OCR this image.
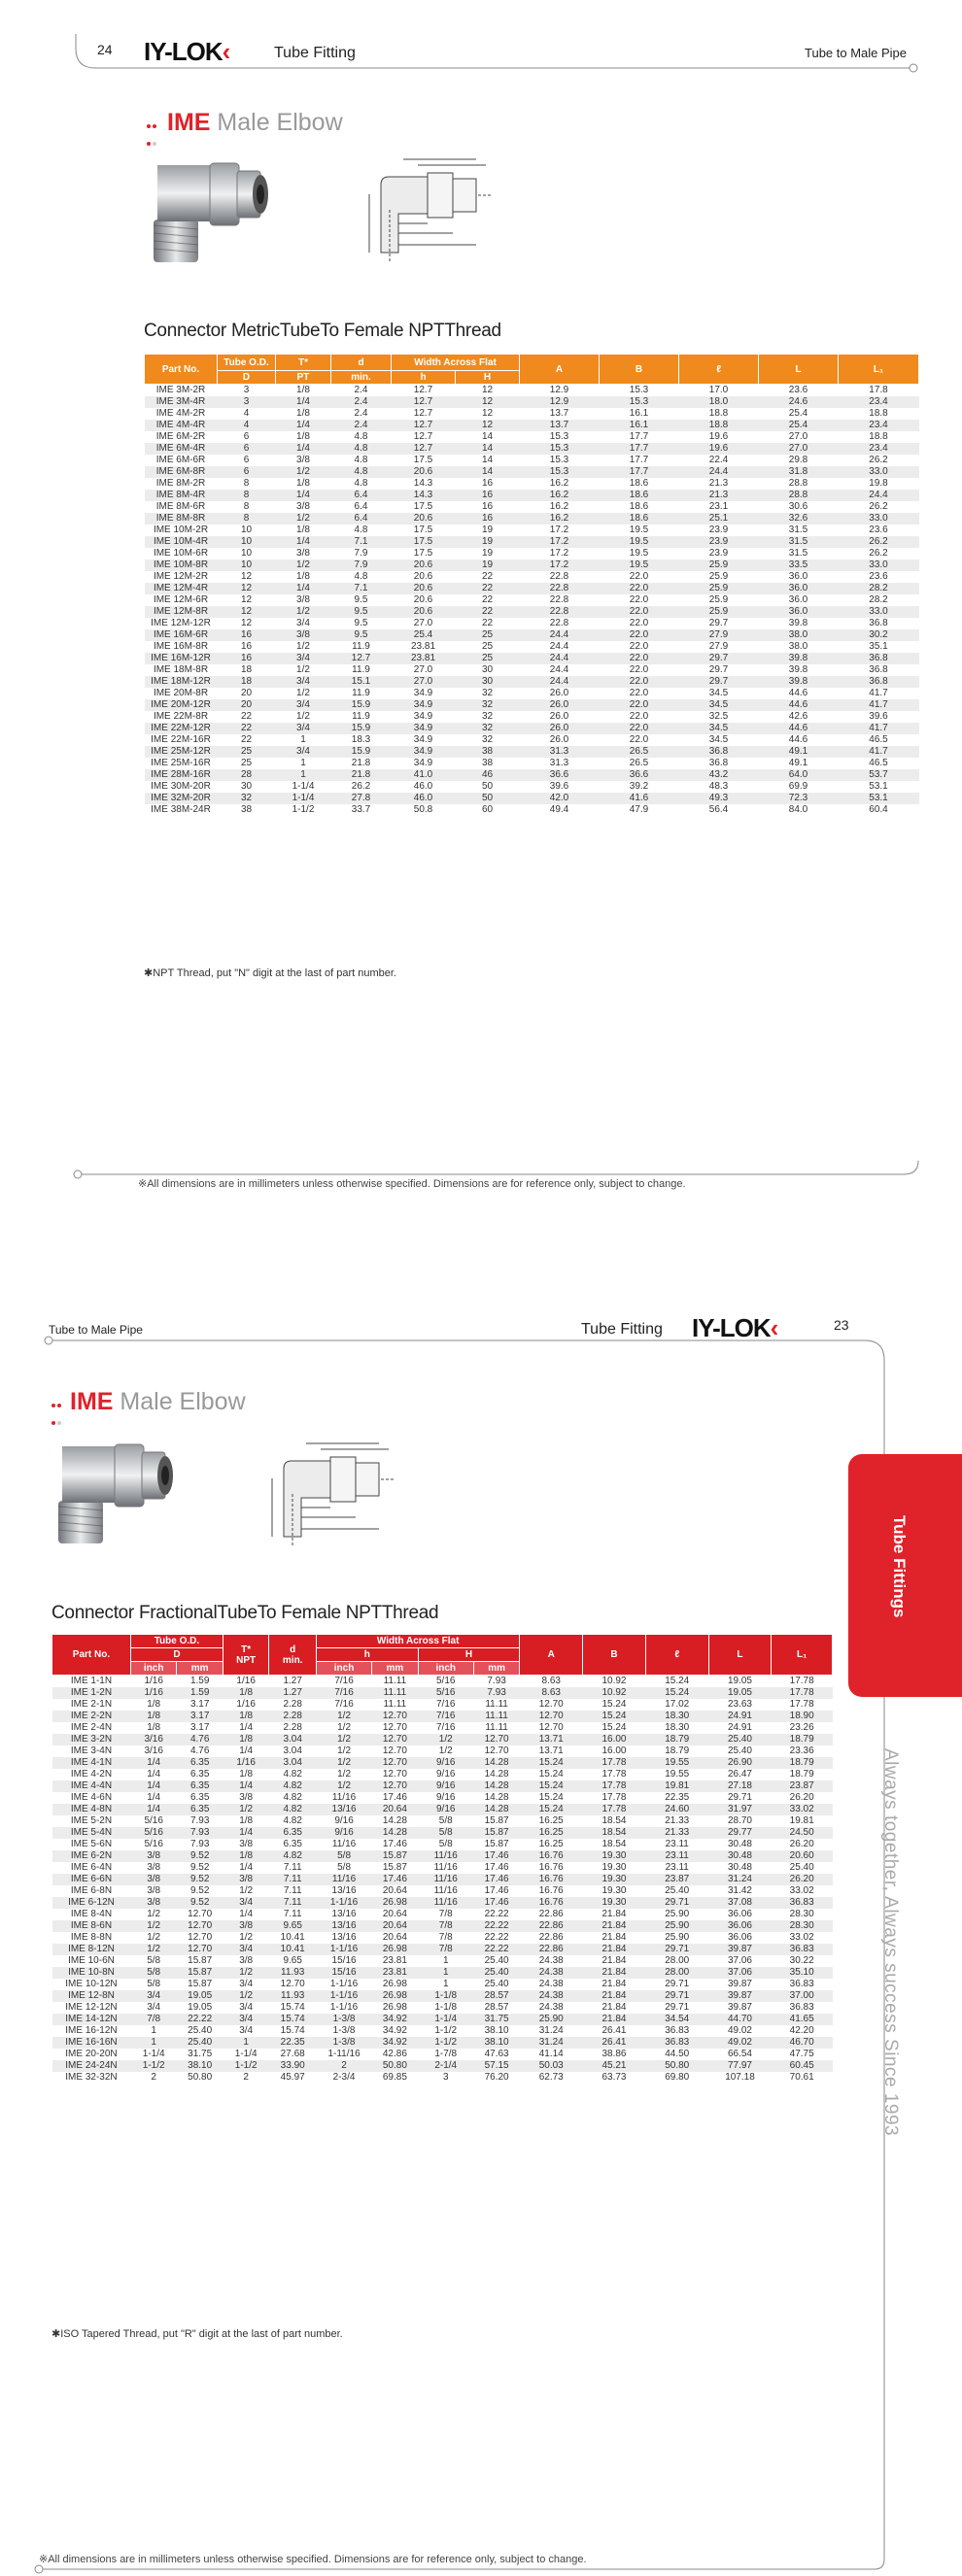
24 IY-LOK‹	Tube Fitting	Tube to Male Pipe

IME Male Elbow
Connector MetricTubeTo Female NPTThread
Part No.	Tube O.D.	T*	d	Width Across Flat		A	B	ℓ	L	L₁
	D	PT	min.	h	H					
IME 3M-2R	3	1/8	2.4	12.7	12	12.9	15.3	17.0	23.6	17.8
IME 3M-4R	3	1/4	2.4	12.7	12	12.9	15.3	18.0	24.6	23.4
IME 4M-2R	4	1/8	2.4	12.7	12	13.7	16.1	18.8	25.4	18.8
IME 4M-4R	4	1/4	2.4	12.7	12	13.7	16.1	18.8	25.4	23.4
IME 6M-2R	6	1/8	4.8	12.7	14	15.3	17.7	19.6	27.0	18.8
IME 6M-4R	6	1/4	4.8	12.7	14	15.3	17.7	19.6	27.0	23.4
IME 6M-6R	6	3/8	4.8	17.5	14	15.3	17.7	22.4	29.8	26.2
IME 6M-8R	6	1/2	4.8	20.6	14	15.3	17.7	24.4	31.8	33.0
IME 8M-2R	8	1/8	4.8	14.3	16	16.2	18.6	21.3	28.8	19.8
IME 8M-4R	8	1/4	6.4	14.3	16	16.2	18.6	21.3	28.8	24.4
IME 8M-6R	8	3/8	6.4	17.5	16	16.2	18.6	23.1	30.6	26.2
IME 8M-8R	8	1/2	6.4	20.6	16	16.2	18.6	25.1	32.6	33.0
IME 10M-2R	10	1/8	4.8	17.5	19	17.2	19.5	23.9	31.5	23.6
IME 10M-4R	10	1/4	7.1	17.5	19	17.2	19.5	23.9	31.5	26.2
IME 10M-6R	10	3/8	7.9	17.5	19	17.2	19.5	23.9	31.5	26.2
IME 10M-8R	10	1/2	7.9	20.6	19	17.2	19.5	25.9	33.5	33.0
IME 12M-2R	12	1/8	4.8	20.6	22	22.8	22.0	25.9	36.0	23.6
IME 12M-4R	12	1/4	7.1	20.6	22	22.8	22.0	25.9	36.0	28.2
IME 12M-6R	12	3/8	9.5	20.6	22	22.8	22.0	25.9	36.0	28.2
IME 12M-8R	12	1/2	9.5	20.6	22	22.8	22.0	25.9	36.0	33.0
IME 12M-12R	12	3/4	9.5	27.0	22	22.8	22.0	29.7	39.8	36.8
IME 16M-6R	16	3/8	9.5	25.4	25	24.4	22.0	27.9	38.0	30.2
IME 16M-8R	16	1/2	11.9	23.81	25	24.4	22.0	27.9	38.0	35.1
IME 16M-12R	16	3/4	12.7	23.81	25	24.4	22.0	29.7	39.8	36.8
IME 18M-8R	18	1/2	11.9	27.0	30	24.4	22.0	29.7	39.8	36.8
IME 18M-12R	18	3/4	15.1	27.0	30	24.4	22.0	29.7	39.8	36.8
IME 20M-8R	20	1/2	11.9	34.9	32	26.0	22.0	34.5	44.6	41.7
IME 20M-12R	20	3/4	15.9	34.9	32	26.0	22.0	34.5	44.6	41.7
IME 22M-8R	22	1/2	11.9	34.9	32	26.0	22.0	32.5	42.6	39.6
IME 22M-12R	22	3/4	15.9	34.9	32	26.0	22.0	34.5	44.6	41.7
IME 22M-16R	22	1	18.3	34.9	32	26.0	22.0	34.5	44.6	46.5
IME 25M-12R	25	3/4	15.9	34.9	38	31.3	26.5	36.8	49.1	41.7
IME 25M-16R	25	1	21.8	34.9	38	31.3	26.5	36.8	49.1	46.5
IME 28M-16R	28	1	21.8	41.0	46	36.6	36.6	43.2	64.0	53.7
IME 30M-20R	30	1-1/4	26.2	46.0	50	39.6	39.2	48.3	69.9	53.1
IME 32M-20R	32	1-1/4	27.8	46.0	50	42.0	41.6	49.3	72.3	53.1
IME 38M-24R	38	1-1/2	33.7	50.8	60	49.4	47.9	56.4	84.0	60.4
✱NPT Thread, put "N" digit at the last of part number.
※All dimensions are in millimeters unless otherwise specified. Dimensions are for reference only, subject to change.
Tube to Male Pipe	Tube Fitting IY-LOK‹	23

IME Male Elbow
Connector FractionalTubeTo Female NPTThread
Part No.	Tube O.D.		T*
NPT	d
min.	Width Across Flat				A	B	ℓ	L	L₁
	D				h		H						
	inch	mm			inch	mm	inch	mm					
IME 1-1N	1/16	1.59	1/16	1.27	7/16	11.11	5/16	7.93	8.63	10.92	15.24	19.05	17.78
IME 1-2N	1/16	1.59	1/8	1.27	7/16	11.11	5/16	7.93	8.63	10.92	15.24	19.05	17.78
IME 2-1N	1/8	3.17	1/16	2.28	7/16	11.11	7/16	11.11	12.70	15.24	17.02	23.63	17.78
IME 2-2N	1/8	3.17	1/8	2.28	1/2	12.70	7/16	11.11	12.70	15.24	18.30	24.91	18.90
IME 2-4N	1/8	3.17	1/4	2.28	1/2	12.70	7/16	11.11	12.70	15.24	18.30	24.91	23.26
IME 3-2N	3/16	4.76	1/8	3.04	1/2	12.70	1/2	12.70	13.71	16.00	18.79	25.40	18.79
IME 3-4N	3/16	4.76	1/4	3.04	1/2	12.70	1/2	12.70	13.71	16.00	18.79	25.40	23.36
IME 4-1N	1/4	6.35	1/16	3.04	1/2	12.70	9/16	14.28	15.24	17.78	19.55	26.90	18.79
IME 4-2N	1/4	6.35	1/8	4.82	1/2	12.70	9/16	14.28	15.24	17.78	19.55	26.47	18.79
IME 4-4N	1/4	6.35	1/4	4.82	1/2	12.70	9/16	14.28	15.24	17.78	19.81	27.18	23.87
IME 4-6N	1/4	6.35	3/8	4.82	11/16	17.46	9/16	14.28	15.24	17.78	22.35	29.71	26.20
IME 4-8N	1/4	6.35	1/2	4.82	13/16	20.64	9/16	14.28	15.24	17.78	24.60	31.97	33.02
IME 5-2N	5/16	7.93	1/8	4.82	9/16	14.28	5/8	15.87	16.25	18.54	21.33	28.70	19.81
IME 5-4N	5/16	7.93	1/4	6.35	9/16	14.28	5/8	15.87	16.25	18.54	21.33	29.77	24.50
IME 5-6N	5/16	7.93	3/8	6.35	11/16	17.46	5/8	15.87	16.25	18.54	23.11	30.48	26.20
IME 6-2N	3/8	9.52	1/8	4.82	5/8	15.87	11/16	17.46	16.76	19.30	23.11	30.48	20.60
IME 6-4N	3/8	9.52	1/4	7.11	5/8	15.87	11/16	17.46	16.76	19.30	23.11	30.48	25.40
IME 6-6N	3/8	9.52	3/8	7.11	11/16	17.46	11/16	17.46	16.76	19.30	23.87	31.24	26.20
IME 6-8N	3/8	9.52	1/2	7.11	13/16	20.64	11/16	17.46	16.76	19.30	25.40	31.42	33.02
IME 6-12N	3/8	9.52	3/4	7.11	1-1/16	26.98	11/16	17.46	16.76	19.30	29.71	37.08	36.83
IME 8-4N	1/2	12.70	1/4	7.11	13/16	20.64	7/8	22.22	22.86	21.84	25.90	36.06	28.30
IME 8-6N	1/2	12.70	3/8	9.65	13/16	20.64	7/8	22.22	22.86	21.84	25.90	36.06	28.30
IME 8-8N	1/2	12.70	1/2	10.41	13/16	20.64	7/8	22.22	22.86	21.84	25.90	36.06	33.02
IME 8-12N	1/2	12.70	3/4	10.41	1-1/16	26.98	7/8	22.22	22.86	21.84	29.71	39.87	36.83
IME 10-6N	5/8	15.87	3/8	9.65	15/16	23.81	1	25.40	24.38	21.84	28.00	37.06	30.22
IME 10-8N	5/8	15.87	1/2	11.93	15/16	23.81	1	25.40	24.38	21.84	28.00	37.06	35.10
IME 10-12N	5/8	15.87	3/4	12.70	1-1/16	26.98	1	25.40	24.38	21.84	29.71	39.87	36.83
IME 12-8N	3/4	19.05	1/2	11.93	1-1/16	26.98	1-1/8	28.57	24.38	21.84	29.71	39.87	37.00
IME 12-12N	3/4	19.05	3/4	15.74	1-1/16	26.98	1-1/8	28.57	24.38	21.84	29.71	39.87	36.83
IME 14-12N	7/8	22.22	3/4	15.74	1-3/8	34.92	1-1/4	31.75	25.90	21.84	34.54	44.70	41.65
IME 16-12N	1	25.40	3/4	15.74	1-3/8	34.92	1-1/2	38.10	31.24	26.41	36.83	49.02	42.20
IME 16-16N	1	25.40	1	22.35	1-3/8	34.92	1-1/2	38.10	31.24	26.41	36.83	49.02	46.70
IME 20-20N	1-1/4	31.75	1-1/4	27.68	1-11/16	42.86	1-7/8	47.63	41.14	38.86	44.50	66.54	47.75
IME 24-24N	1-1/2	38.10	1-1/2	33.90	2	50.80	2-1/4	57.15	50.03	45.21	50.80	77.97	60.45
IME 32-32N	2	50.80	2	45.97	2-3/4	69.85	3	76.20	62.73	63.73	69.80	107.18	70.61
✱ISO Tapered Thread, put "R" digit at the last of part number.
Tube Fittings
Always together, Always success Since 1993
※All dimensions are in millimeters unless otherwise specified. Dimensions are for reference only, subject to change.
